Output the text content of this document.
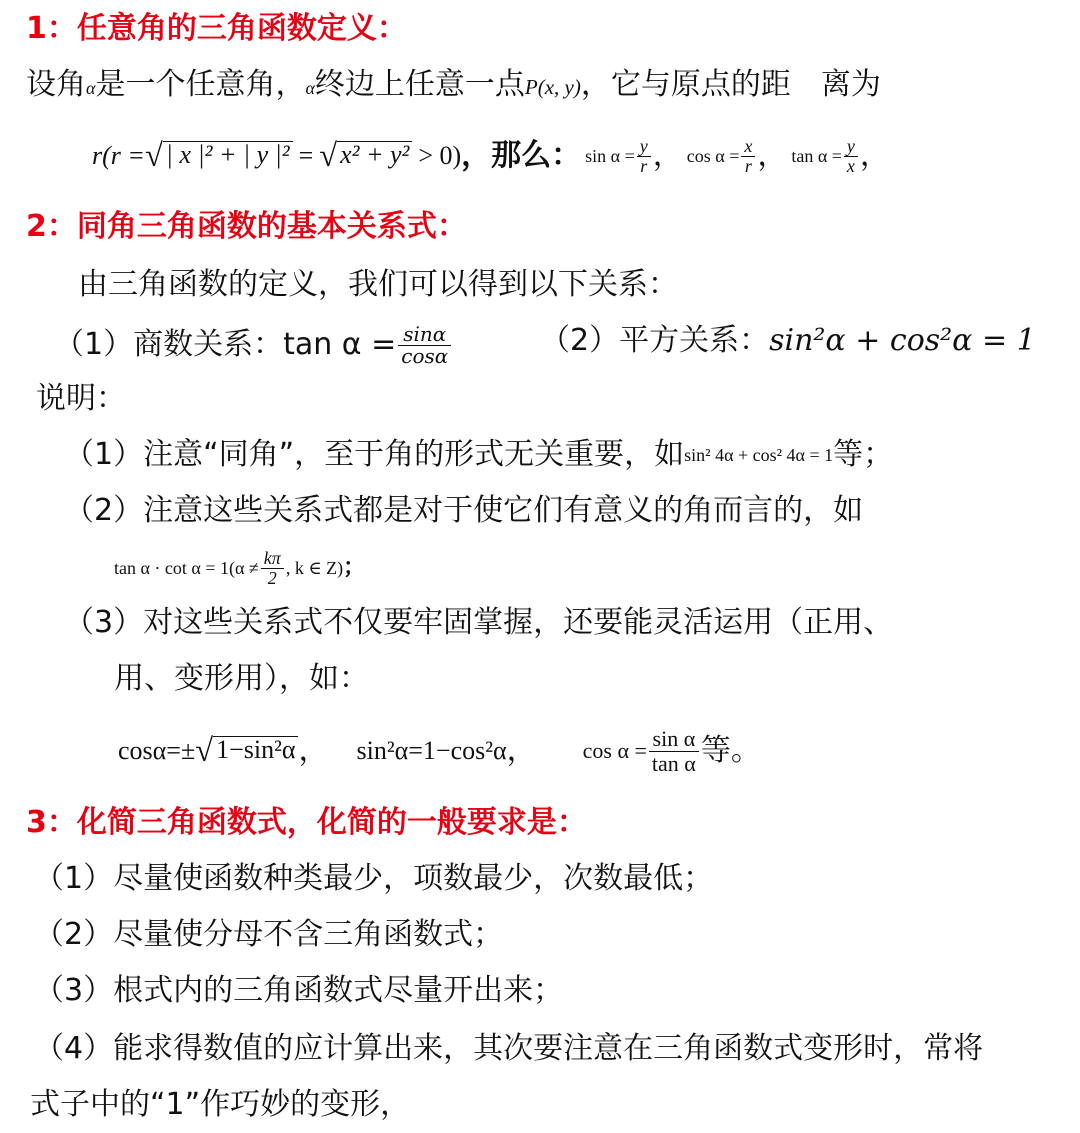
1：任意角的三角函数定义：
设角α是一个任意角，α终边上任意一点P(x, y)，它与原点的距　离为
r(r = √ | x |² + | y |² = √ x² + y² > 0) ，那么： $\sin \alpha = \frac{y}{r}$ ， $\cos \alpha = \frac{x}{r}$ ， $\tan \alpha = \frac{y}{x}$ ，
2：同角三角函数的基本关系式：
由三角函数的定义，我们可以得到以下关系：
（1）商数关系： $\tan \alpha = \frac{\sin\alpha}{\cos\alpha}$	（2）平方关系： sin²α + cos²α = 1
说明：
（1）注意“同角”，至于角的形式无关重要，如 sin² 4α + cos² 4α = 1 等；
（2）注意这些关系式都是对于使它们有意义的角而言的，如
$\tan \alpha \cdot \cot \alpha = 1(\alpha \ne \frac{k\pi}{2}$ , k ∈ Z) ；
（3）对这些关系式不仅要牢固掌握，还要能灵活运用（正用、
用、变形用），如：
cosα=± √ 1−sin²α ， sin²α=1−cos²α ， $\cos \alpha = \frac{\text{sin α}}{\text{tan α}}$ 等。
3：化简三角函数式，化简的一般要求是：
（1）尽量使函数种类最少，项数最少，次数最低；
（2）尽量使分母不含三角函数式；
（3）根式内的三角函数式尽量开出来；
（4）能求得数值的应计算出来，其次要注意在三角函数式变形时，常将
式子中的“1”作巧妙的变形，
